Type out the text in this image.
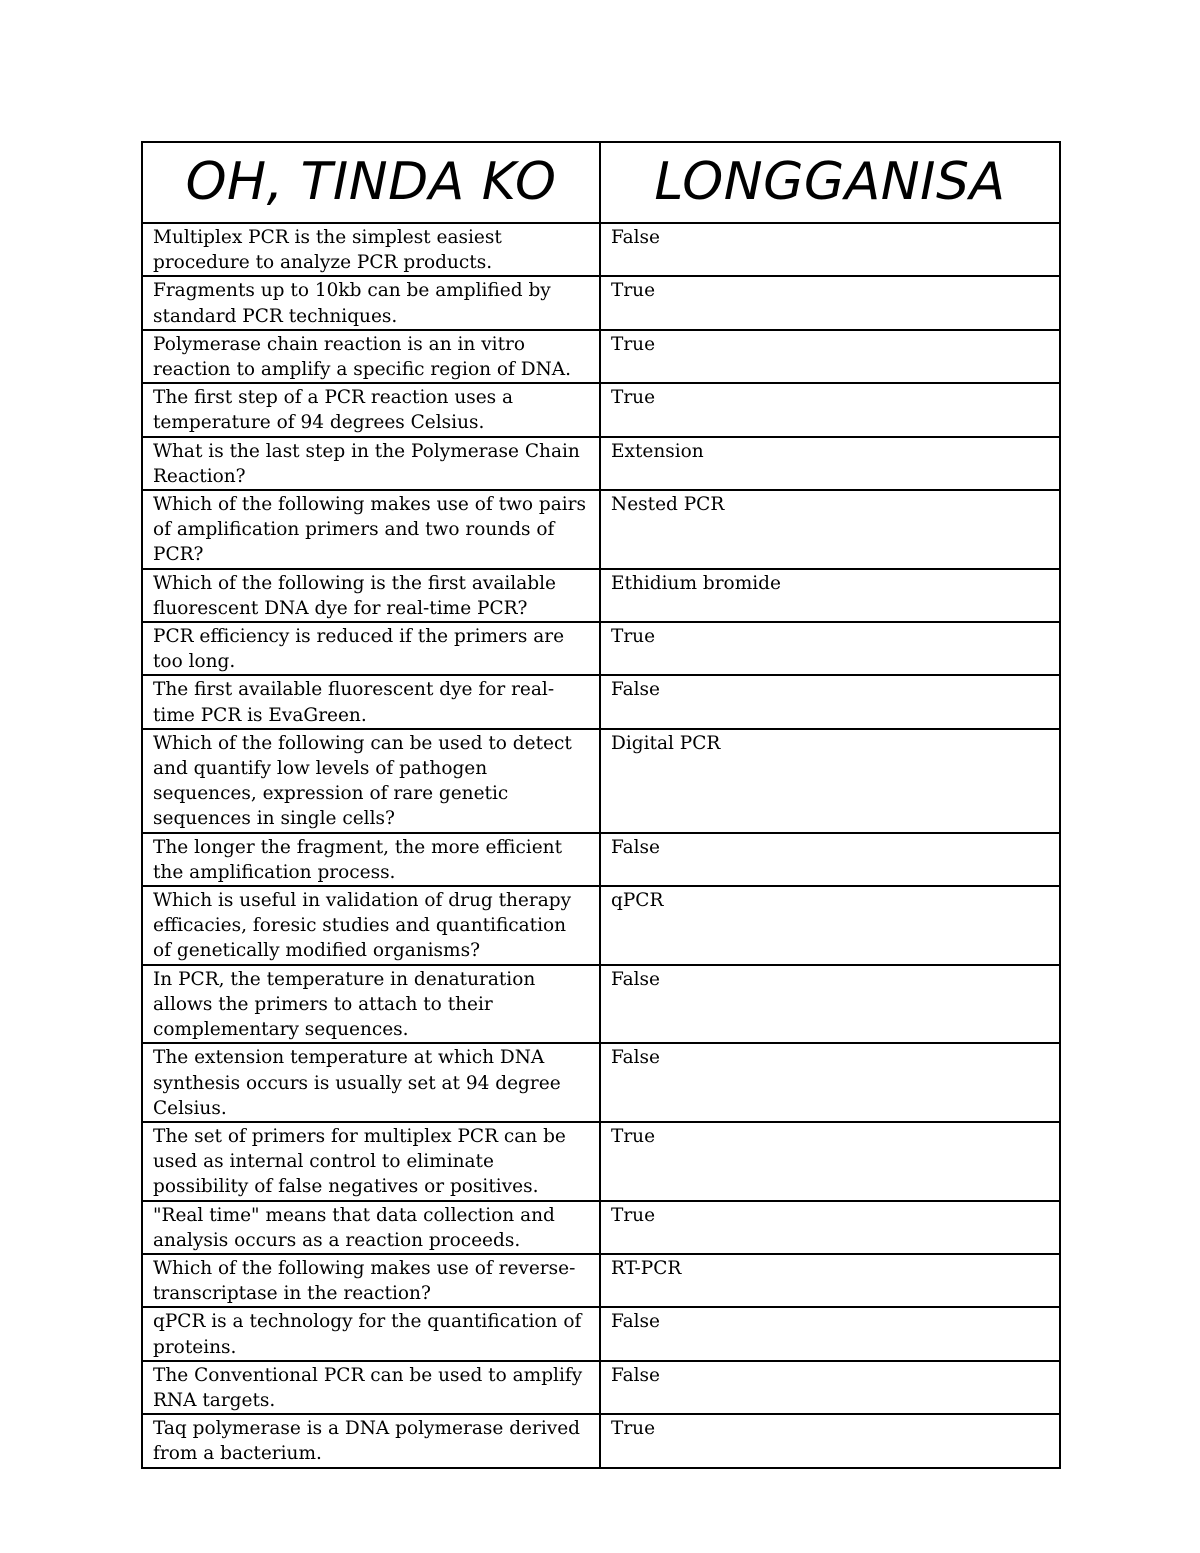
OH, TINDA KO	LONGGANISA
Multiplex PCR is the simplest easiest procedure to analyze PCR products.	False
Fragments up to 10kb can be amplified by standard PCR techniques.	True
Polymerase chain reaction is an in vitro reaction to amplify a specific region of DNA.	True
The first step of a PCR reaction uses a temperature of 94 degrees Celsius.	True
What is the last step in the Polymerase Chain Reaction?	Extension
Which of the following makes use of two pairs of amplification primers and two rounds of PCR?	Nested PCR
Which of the following is the first available fluorescent DNA dye for real-time PCR?	Ethidium bromide
PCR efficiency is reduced if the primers are too long.	True
The first available fluorescent dye for real-time PCR is EvaGreen.	False
Which of the following can be used to detect and quantify low levels of pathogen sequences, expression of rare genetic sequences in single cells?	Digital PCR
The longer the fragment, the more efficient the amplification process.	False
Which is useful in validation of drug therapy efficacies, foresic studies and quantification of genetically modified organisms?	qPCR
In PCR, the temperature in denaturation allows the primers to attach to their complementary sequences.	False
The extension temperature at which DNA synthesis occurs is usually set at 94 degree Celsius.	False
The set of primers for multiplex PCR can be used as internal control to eliminate possibility of false negatives or positives.	True
"Real time" means that data collection and analysis occurs as a reaction proceeds.	True
Which of the following makes use of reverse-transcriptase in the reaction?	RT-PCR
qPCR is a technology for the quantification of proteins.	False
The Conventional PCR can be used to amplify RNA targets.	False
Taq polymerase is a DNA polymerase derived from a bacterium.	True
